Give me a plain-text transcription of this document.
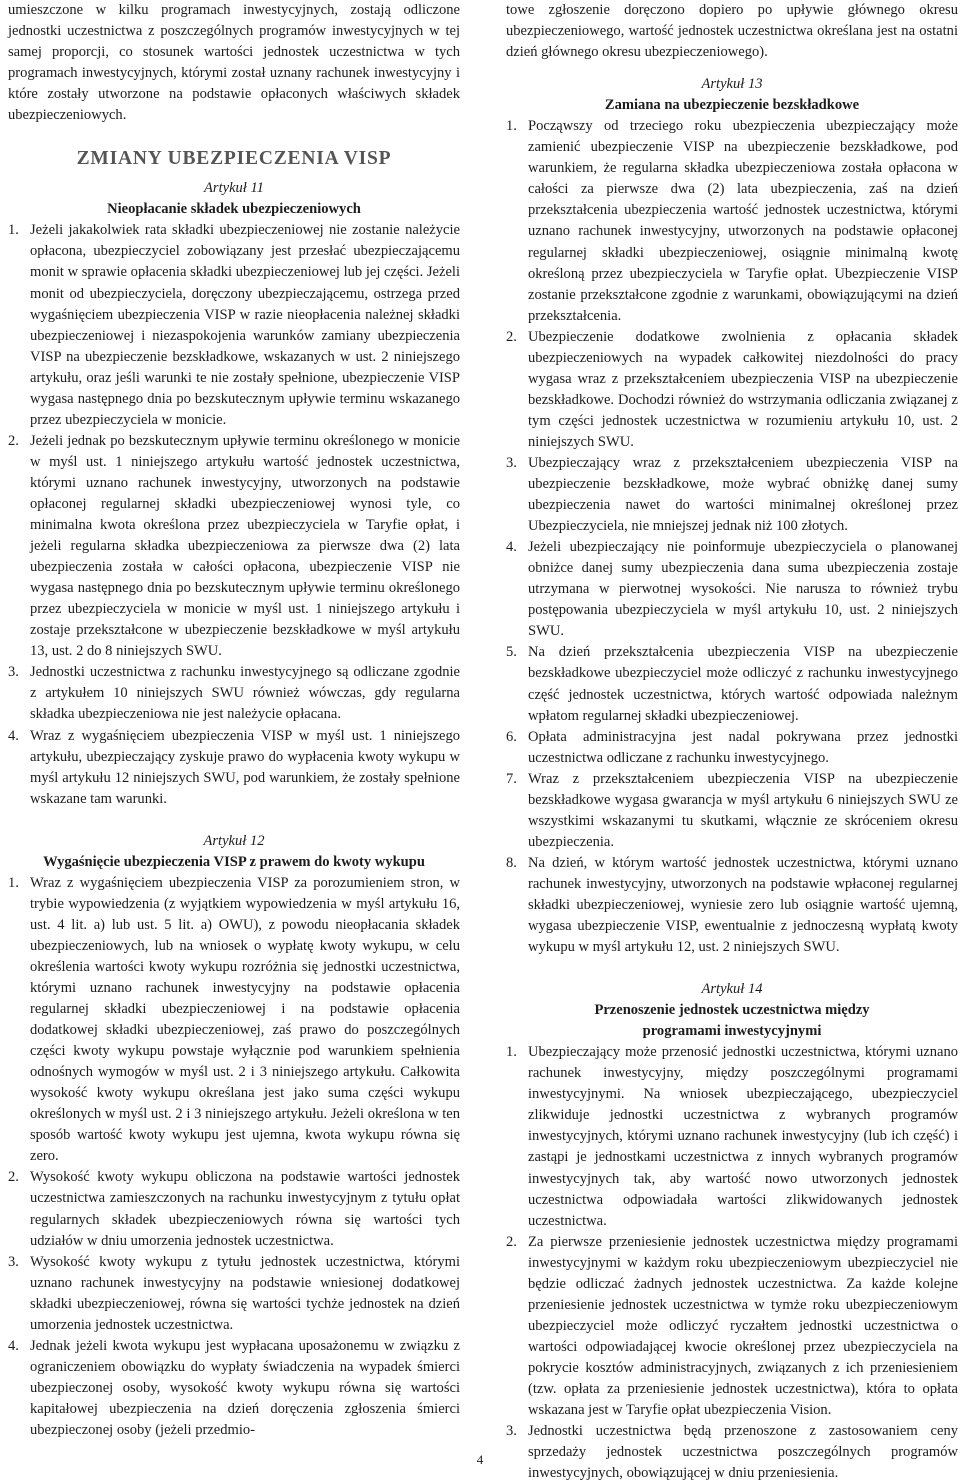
umieszczone w kilku programach inwestycyjnych, zostają odliczone jednostki uczestnictwa z poszczególnych programów inwestycyjnych w tej samej proporcji, co stosunek wartości jednostek uczestnictwa w tych programach inwestycyjnych, którymi został uznany rachunek inwestycyjny i które zostały utworzone na podstawie opłaconych właściwych składek ubezpieczeniowych.

ZMIANY UBEZPIECZENIA VISP

Artykuł 11

Nieopłacanie składek ubezpieczeniowych

1. Jeżeli jakakolwiek rata składki ubezpieczeniowej nie zostanie należycie opłacona, ubezpieczyciel zobowiązany jest przesłać ubezpieczającemu monit w sprawie opłacenia składki ubezpieczeniowej lub jej części. Jeżeli monit od ubezpieczyciela, doręczony ubezpieczającemu, ostrzega przed wygaśnięciem ubezpieczenia VISP w razie nieopłacenia należnej składki ubezpieczeniowej i niezaspokojenia warunków zamiany ubezpieczenia VISP na ubezpieczenie bezskładkowe, wskazanych w ust. 2 niniejszego artykułu, oraz jeśli warunki te nie zostały spełnione, ubezpieczenie VISP wygasa następnego dnia po bezskutecznym upływie terminu wskazanego przez ubezpieczyciela w monicie.
2. Jeżeli jednak po bezskutecznym upływie terminu określonego w monicie w myśl ust. 1 niniejszego artykułu wartość jednostek uczestnictwa, którymi uznano rachunek inwestycyjny, utworzonych na podstawie opłaconej regularnej składki ubezpieczeniowej wynosi tyle, co minimalna kwota określona przez ubezpieczyciela w Taryfie opłat, i jeżeli regularna składka ubezpieczeniowa za pierwsze dwa (2) lata ubezpieczenia została w całości opłacona, ubezpieczenie VISP nie wygasa następnego dnia po bezskutecznym upływie terminu określonego przez ubezpieczyciela w monicie w myśl ust. 1 niniejszego artykułu i zostaje przekształcone w ubezpieczenie bezskładkowe w myśl artykułu 13, ust. 2 do 8 niniejszych SWU.
3. Jednostki uczestnictwa z rachunku inwestycyjnego są odliczane zgodnie z artykułem 10 niniejszych SWU również wówczas, gdy regularna składka ubezpieczeniowa nie jest należycie opłacana.
4. Wraz z wygaśnięciem ubezpieczenia VISP w myśl ust. 1 niniejszego artykułu, ubezpieczający zyskuje prawo do wypłacenia kwoty wykupu w myśl artykułu 12 niniejszych SWU, pod warunkiem, że zostały spełnione wskazane tam warunki.

Artykuł 12

Wygaśnięcie ubezpieczenia VISP z prawem do kwoty wykupu

1. Wraz z wygaśnięciem ubezpieczenia VISP za porozumieniem stron, w trybie wypowiedzenia (z wyjątkiem wypowiedzenia w myśl artykułu 16, ust. 4 lit. a) lub ust. 5 lit. a) OWU), z powodu nieopłacania składek ubezpieczeniowych, lub na wniosek o wypłatę kwoty wykupu, w celu określenia wartości kwoty wykupu rozróżnia się jednostki uczestnictwa, którymi uznano rachunek inwestycyjny na podstawie opłacenia regularnej składki ubezpieczeniowej i na podstawie opłacenia dodatkowej składki ubezpieczeniowej, zaś prawo do poszczególnych części kwoty wykupu powstaje wyłącznie pod warunkiem spełnienia odnośnych wymogów w myśl ust. 2 i 3 niniejszego artykułu. Całkowita wysokość kwoty wykupu określana jest jako suma części wykupu określonych w myśl ust. 2 i 3 niniejszego artykułu. Jeżeli określona w ten sposób wartość kwoty wykupu jest ujemna, kwota wykupu równa się zero.
2. Wysokość kwoty wykupu obliczona na podstawie wartości jednostek uczestnictwa zamieszczonych na rachunku inwestycyjnym z tytułu opłat regularnych składek ubezpieczeniowych równa się wartości tych udziałów w dniu umorzenia jednostek uczestnictwa.
3. Wysokość kwoty wykupu z tytułu jednostek uczestnictwa, którymi uznano rachunek inwestycyjny na podstawie wniesionej dodatkowej składki ubezpieczeniowej, równa się wartości tychże jednostek na dzień umorzenia jednostek uczestnictwa.
4. Jednak jeżeli kwota wykupu jest wypłacana uposażonemu w związku z ograniczeniem obowiązku do wypłaty świadczenia na wypadek śmierci ubezpieczonej osoby, wysokość kwoty wykupu równa się wartości kapitałowej ubezpieczenia na dzień doręczenia zgłoszenia śmierci ubezpieczonej osoby (jeżeli przedmio-

towe zgłoszenie doręczono dopiero po upływie głównego okresu ubezpieczeniowego, wartość jednostek uczestnictwa określana jest na ostatni dzień głównego okresu ubezpieczeniowego).

Artykuł 13

Zamiana na ubezpieczenie bezskładkowe

1. Począwszy od trzeciego roku ubezpieczenia ubezpieczający może zamienić ubezpieczenie VISP na ubezpieczenie bezskładkowe, pod warunkiem, że regularna składka ubezpieczeniowa została opłacona w całości za pierwsze dwa (2) lata ubezpieczenia, zaś na dzień przekształcenia ubezpieczenia wartość jednostek uczestnictwa, którymi uznano rachunek inwestycyjny, utworzonych na podstawie opłaconej regularnej składki ubezpieczeniowej, osiągnie minimalną kwotę określoną przez ubezpieczyciela w Taryfie opłat. Ubezpieczenie VISP zostanie przekształcone zgodnie z warunkami, obowiązującymi na dzień przekształcenia.
2. Ubezpieczenie dodatkowe zwolnienia z opłacania składek ubezpieczeniowych na wypadek całkowitej niezdolności do pracy wygasa wraz z przekształceniem ubezpieczenia VISP na ubezpieczenie bezskładkowe. Dochodzi również do wstrzymania odliczania związanej z tym części jednostek uczestnictwa w rozumieniu artykułu 10, ust. 2 niniejszych SWU.
3. Ubezpieczający wraz z przekształceniem ubezpieczenia VISP na ubezpieczenie bezskładkowe, może wybrać obniżkę danej sumy ubezpieczenia nawet do wartości minimalnej określonej przez Ubezpieczyciela, nie mniejszej jednak niż 100 złotych.
4. Jeżeli ubezpieczający nie poinformuje ubezpieczyciela o planowanej obniżce danej sumy ubezpieczenia dana suma ubezpieczenia zostaje utrzymana w pierwotnej wysokości. Nie narusza to również trybu postępowania ubezpieczyciela w myśl artykułu 10, ust. 2 niniejszych SWU.
5. Na dzień przekształcenia ubezpieczenia VISP na ubezpieczenie bezskładkowe ubezpieczyciel może odliczyć z rachunku inwestycyjnego część jednostek uczestnictwa, których wartość odpowiada należnym wpłatom regularnej składki ubezpieczeniowej.
6. Opłata administracyjna jest nadal pokrywana przez jednostki uczestnictwa odliczane z rachunku inwestycyjnego.
7. Wraz z przekształceniem ubezpieczenia VISP na ubezpieczenie bezskładkowe wygasa gwarancja w myśl artykułu 6 niniejszych SWU ze wszystkimi wskazanymi tu skutkami, włącznie ze skróceniem okresu ubezpieczenia.
8. Na dzień, w którym wartość jednostek uczestnictwa, którymi uznano rachunek inwestycyjny, utworzonych na podstawie wpłaconej regularnej składki ubezpieczeniowej, wyniesie zero lub osiągnie wartość ujemną, wygasa ubezpieczenie VISP, ewentualnie z jednoczesną wypłatą kwoty wykupu w myśl artykułu 12, ust. 2 niniejszych SWU.

Artykuł 14

Przenoszenie jednostek uczestnictwa między

programami inwestycyjnymi

1. Ubezpieczający może przenosić jednostki uczestnictwa, którymi uznano rachunek inwestycyjny, między poszczególnymi programami inwestycyjnymi. Na wniosek ubezpieczającego, ubezpieczyciel zlikwiduje jednostki uczestnictwa z wybranych programów inwestycyjnych, którymi uznano rachunek inwestycyjny (lub ich część) i zastąpi je jednostkami uczestnictwa z innych wybranych programów inwestycyjnych tak, aby wartość nowo utworzonych jednostek uczestnictwa odpowiadała wartości zlikwidowanych jednostek uczestnictwa.
2. Za pierwsze przeniesienie jednostek uczestnictwa między programami inwestycyjnymi w każdym roku ubezpieczeniowym ubezpieczyciel nie będzie odliczać żadnych jednostek uczestnictwa. Za każde kolejne przeniesienie jednostek uczestnictwa w tymże roku ubezpieczeniowym ubezpieczyciel może odliczyć ryczałtem jednostki uczestnictwa o wartości odpowiadającej kwocie określonej przez ubezpieczyciela na pokrycie kosztów administracyjnych, związanych z ich przeniesieniem (tzw. opłata za przeniesienie jednostek uczestnictwa), która to opłata wskazana jest w Taryfie opłat ubezpieczenia Vision.
3. Jednostki uczestnictwa będą przenoszone z zastosowaniem ceny sprzedaży jednostek uczestnictwa poszczególnych programów inwestycyjnych, obowiązującej w dniu przeniesienia.
4
